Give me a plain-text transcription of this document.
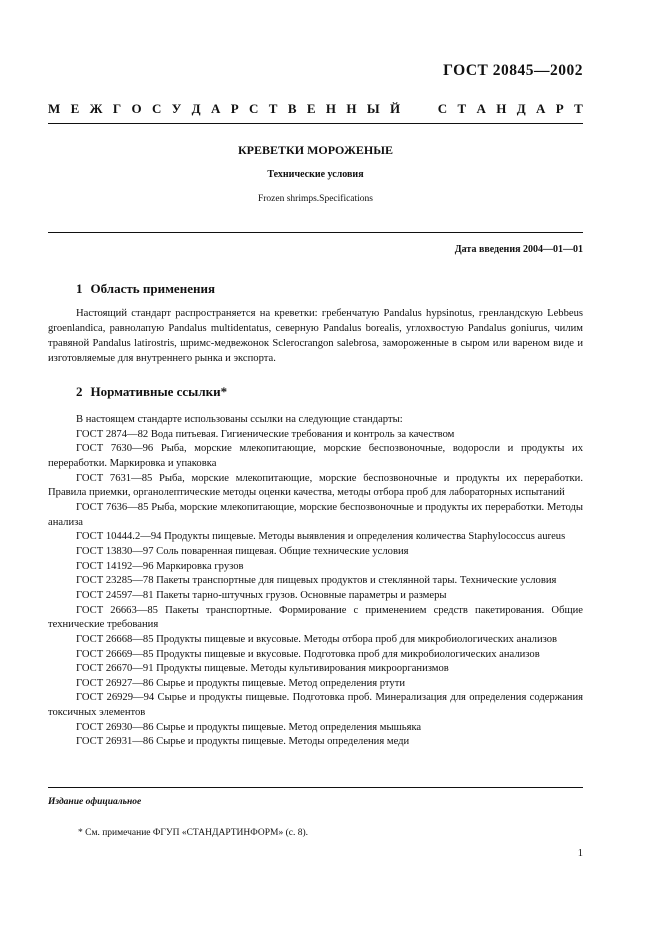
ГОСТ 20845—2002
М Е Ж Г О С У Д А Р С Т В Е Н Н Ы Й

	С Т А Н Д А Р Т
КРЕВЕТКИ МОРОЖЕНЫЕ
Технические условия
Frozen shrimps.Specifications
Дата введения 2004—01—01
1 Область применения

Настоящий стандарт распространяется на креветки: гребенчатую Pandalus hypsinotus, гренландскую Lebbeus groenlandica, равнолапую Pandalus multidentatus, северную Pandalus borealis, углохвостую Pandalus goniurus, чилим травяной Pandalus latirostris, шримс-медвежонок Sclerocrangon salebrosa, замороженные в сыром или вареном виде и изготовляемые для внутреннего рынка и экспорта.

2 Нормативные ссылки*

В настоящем стандарте использованы ссылки на следующие стандарты:

ГОСТ 2874—82 Вода питьевая. Гигиенические требования и контроль за качеством

ГОСТ 7630—96 Рыба, морские млекопитающие, морские беспозвоночные, водоросли и продукты их переработки. Маркировка и упаковка

ГОСТ 7631—85 Рыба, морские млекопитающие, морские беспозвоночные и продукты их переработки. Правила приемки, органолептические методы оценки качества, методы отбора проб для лабораторных испытаний

ГОСТ 7636—85 Рыба, морские млекопитающие, морские беспозвоночные и продукты их переработки. Методы анализа

ГОСТ 10444.2—94 Продукты пищевые. Методы выявления и определения количества Staphylococcus aureus

ГОСТ 13830—97 Соль поваренная пищевая. Общие технические условия

ГОСТ 14192—96 Маркировка грузов

ГОСТ 23285—78 Пакеты транспортные для пищевых продуктов и стеклянной тары. Технические условия

ГОСТ 24597—81 Пакеты тарно-штучных грузов. Основные параметры и размеры

ГОСТ 26663—85 Пакеты транспортные. Формирование с применением средств пакетирования. Общие технические требования

ГОСТ 26668—85 Продукты пищевые и вкусовые. Методы отбора проб для микробиологических анализов

ГОСТ 26669—85 Продукты пищевые и вкусовые. Подготовка проб для микробиологических анализов

ГОСТ 26670—91 Продукты пищевые. Методы культивирования микроорганизмов

ГОСТ 26927—86 Сырье и продукты пищевые. Метод определения ртути

ГОСТ 26929—94 Сырье и продукты пищевые. Подготовка проб. Минерализация для определения содержания токсичных элементов

ГОСТ 26930—86 Сырье и продукты пищевые. Метод определения мышьяка

ГОСТ 26931—86 Сырье и продукты пищевые. Методы определения меди

Издание официальное
* См. примечание ФГУП «СТАНДАРТИНФОРМ» (с. 8).
1
